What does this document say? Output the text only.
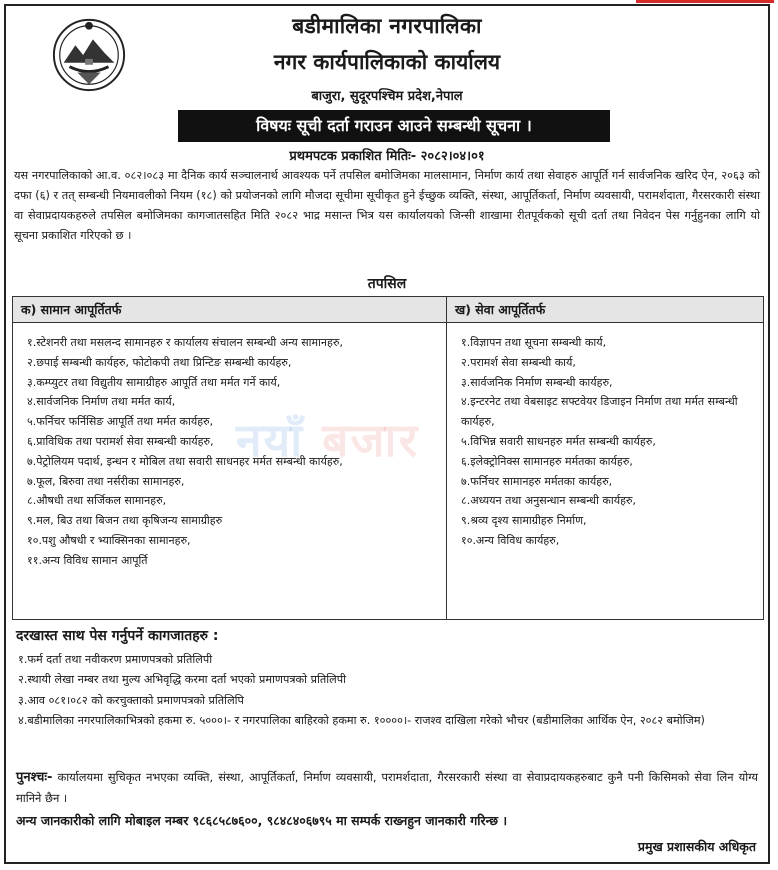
बडीमालिका नगरपालिका
नगर कार्यपालिकाको कार्यालय
बाजुरा, सुदूरपश्चिम प्रदेश,नेपाल
विषयः सूची दर्ता गराउन आउने सम्बन्धी सूचना ।
प्रथमपटक प्रकाशित मितिः- २०८२।०४।०१
यस नगरपालिकाको आ.व. ०८२।०८३ मा दैनिक कार्य सञ्चालनार्थ आवश्यक पर्ने तपसिल बमोजिमका मालसामान, निर्माण कार्य तथा सेवाहरु आपूर्ति गर्न सार्वजनिक खरिद ऐन, २०६३ को दफा (६) र तत् सम्बन्धी नियमावलीको नियम (१८) को प्रयोजनको लागि मौजदा सूचीमा सूचीकृत हुने ईच्छुक व्यक्ति, संस्था, आपूर्तिकर्ता, निर्माण व्यवसायी, परामर्शदाता, गैरसरकारी संस्था वा सेवाप्रदायकहरुले तपसिल बमोजिमका कागजातसहित मिति २०८२ भाद्र मसान्त भित्र यस कार्यालयको जिन्सी शाखामा रीतपूर्वकको सूची दर्ता तथा निवेदन पेस गर्नुहुनका लागि यो सूचना प्रकाशित गरिएको छ ।
तपसिल
क) सामान आपूर्तितर्फ
१.स्टेशनरी तथा मसलन्द सामानहरु र कार्यालय संचालन सम्बन्धी अन्य सामानहरु,
२.छपाई सम्बन्धी कार्यहरु, फोटोकपी तथा प्रिन्टिङ सम्बन्धी कार्यहरु,
३.कम्प्युटर तथा विद्युतीय सामाग्रीहरु आपूर्ति तथा मर्मत गर्ने कार्य,
४.सार्वजनिक निर्माण तथा मर्मत कार्य,
५.फर्निचर फर्निसिङ आपूर्ति तथा मर्मत कार्यहरु,
६.प्राविधिक तथा परामर्श सेवा सम्बन्धी कार्यहरु,
७.पेट्रोलियम पदार्थ, इन्धन र मोबिल तथा सवारी साधनहर मर्मत सम्बन्धी कार्यहरु,
७.फूल, बिरुवा तथा नर्सरीका सामानहरु,
८.औषधी तथा सर्जिकल सामानहरु,
९.मल, बिउ तथा बिजन तथा कृषिजन्य सामाग्रीहरु
१०.पशु औषधी र भ्याक्सिनका सामानहरु,
११.अन्य विविध सामान आपूर्ति
ख) सेवा आपूर्तितर्फ
१.विज्ञापन तथा सूचना सम्बन्धी कार्य,
२.परामर्श सेवा सम्बन्धी कार्य,
३.सार्वजनिक निर्माण सम्बन्धी कार्यहरु,
४.इन्टरनेट तथा वेबसाइट सफ्टवेयर डिजाइन निर्माण तथा मर्मत सम्बन्धी कार्यहरु,
५.विभिन्न सवारी साधनहरु मर्मत सम्बन्धी कार्यहरु,
६.इलेक्ट्रोनिक्स सामानहरु मर्मतका कार्यहरु,
७.फर्निचर सामानहरु मर्मतका कार्यहरु,
८.अध्ययन तथा अनुसन्धान सम्बन्धी कार्यहरु,
९.श्रव्य दृश्य सामाग्रीहरु निर्माण,
१०.अन्य विविध कार्यहरु,
नयाँ बजार
दरखास्त साथ पेस गर्नुपर्ने कागजातहरु :
१.फर्म दर्ता तथा नवीकरण प्रमाणपत्रको प्रतिलिपी
२.स्थायी लेखा नम्बर तथा मुल्य अभिवृद्धि करमा दर्ता भएको प्रमाणपत्रको प्रतिलिपी
३.आव ०८१।०८२ को करचुक्ताको प्रमाणपत्रको प्रतिलिपि
४.बडीमालिका नगरपालिकाभित्रको हकमा रु. ५०००।- र नगरपालिका बाहिरको हकमा रु. १००००।- राजश्व दाखिला गरेको भौचर (बडीमालिका आर्थिक ऐन, २०८२ बमोजिम)
पुनश्चः- कार्यालयमा सुचिकृत नभएका व्यक्ति, संस्था, आपूर्तिकर्ता, निर्माण व्यवसायी, परामर्शदाता, गैरसरकारी संस्था वा सेवाप्रदायकहरुबाट कुनै पनी किसिमको सेवा लिन योग्य मानिने छैन ।
अन्य जानकारीको लागि मोबाइल नम्बर ९८६८५८७६००, ९८४८४०६७९५ मा सम्पर्क राख्नहुन जानकारी गरिन्छ ।
प्रमुख प्रशासकीय अधिकृत
